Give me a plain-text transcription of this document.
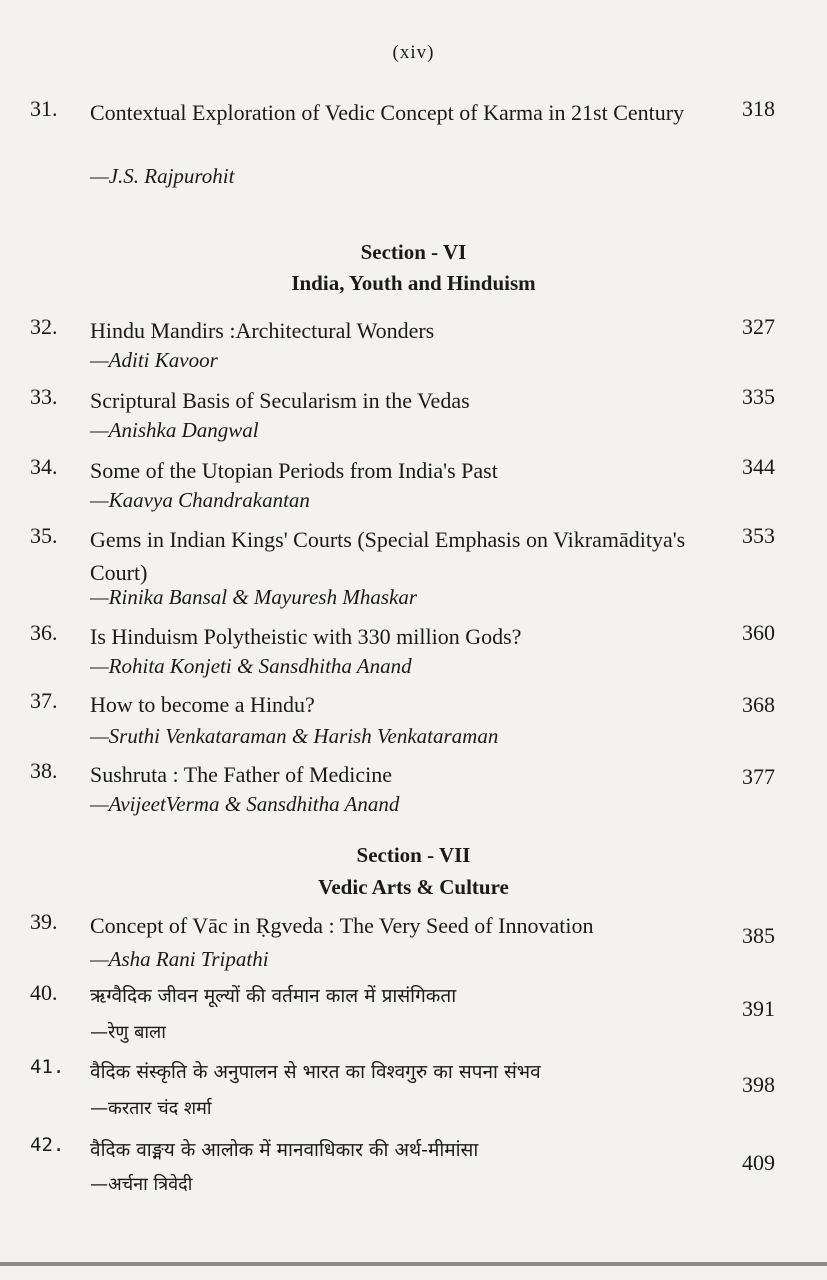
(xiv)
31. Contextual Exploration of Vedic Concept of Karma in 21st Century
—J.S. Rajpurohit
318
Section - VI
India, Youth and Hinduism
32. Hindu Mandirs :Architectural Wonders
—Aditi Kavoor
327
33. Scriptural Basis of Secularism in the Vedas
—Anishka Dangwal
335
34. Some of the Utopian Periods from India's Past
—Kaavya Chandrakantan
344
35. Gems in Indian Kings' Courts (Special Emphasis on Vikramāditya's Court)
—Rinika Bansal & Mayuresh Mhaskar
353
36. Is Hinduism Polytheistic with 330 million Gods?
—Rohita Konjeti & Sansdhitha Anand
360
37. How to become a Hindu?
—Sruthi Venkataraman & Harish Venkataraman
368
38. Sushruta : The Father of Medicine
—AvijeetVerma & Sansdhitha Anand
377
Section - VII
Vedic Arts & Culture
39. Concept of Vāc in Ṛgveda : The Very Seed of Innovation
—Asha Rani Tripathi
385
40. ऋग्वैदिक जीवन मूल्यों की वर्तमान काल में प्रासंगिकता
—रेणु बाला
391
41. वैदिक संस्कृति के अनुपालन से भारत का विश्वगुरु का सपना संभव
—करतार चंद शर्मा
398
42. वैदिक वाङ्मय के आलोक में मानवाधिकार की अर्थ-मीमांसा
—अर्चना त्रिवेदी
409
